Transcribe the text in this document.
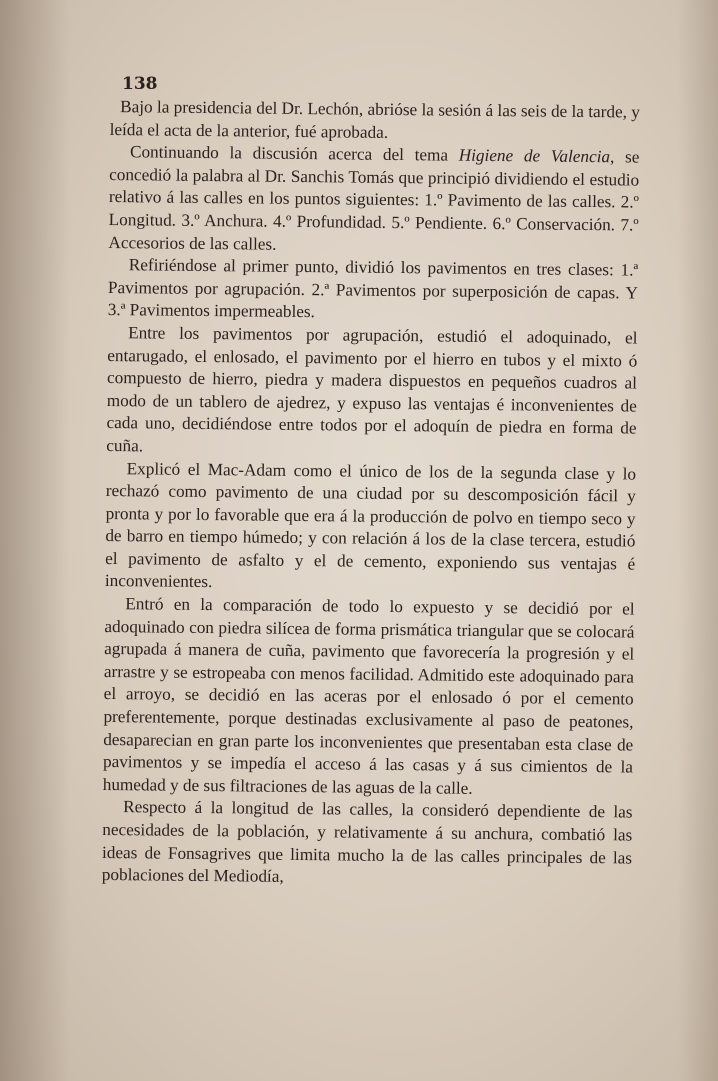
138

Bajo la presidencia del Dr. Lechón, abrióse la sesión á las seis de la tarde, y leída el acta de la anterior, fué aprobada.

Continuando la discusión acerca del tema Higiene de Valencia, se concedió la palabra al Dr. Sanchis Tomás que principió dividiendo el estudio relativo á las calles en los puntos siguientes: 1.º Pavimento de las calles. 2.º Longitud. 3.º Anchura. 4.º Profundidad. 5.º Pendiente. 6.º Conservación. 7.º Accesorios de las calles.

Refiriéndose al primer punto, dividió los pavimentos en tres clases: 1.ª Pavimentos por agrupación. 2.ª Pavimentos por superposición de capas. Y 3.ª Pavimentos impermeables.

Entre los pavimentos por agrupación, estudió el adoquinado, el entarugado, el enlosado, el pavimento por el hierro en tubos y el mixto ó compuesto de hierro, piedra y madera dispuestos en pequeños cuadros al modo de un tablero de ajedrez, y expuso las ventajas é inconvenientes de cada uno, decidiéndose entre todos por el adoquín de piedra en forma de cuña.

Explicó el Mac-Adam como el único de los de la segunda clase y lo rechazó como pavimento de una ciudad por su descomposición fácil y pronta y por lo favorable que era á la producción de polvo en tiempo seco y de barro en tiempo húmedo; y con relación á los de la clase tercera, estudió el pavimento de asfalto y el de cemento, exponiendo sus ventajas é inconvenientes.

Entró en la comparación de todo lo expuesto y se decidió por el adoquinado con piedra silícea de forma prismática triangular que se colocará agrupada á manera de cuña, pavimento que favorecería la progresión y el arrastre y se estropeaba con menos facilidad. Admitido este adoquinado para el arroyo, se decidió en las aceras por el enlosado ó por el cemento preferentemente, porque destinadas exclusivamente al paso de peatones, desaparecian en gran parte los inconvenientes que presentaban esta clase de pavimentos y se impedía el acceso á las casas y á sus cimientos de la humedad y de sus filtraciones de las aguas de la calle.

Respecto á la longitud de las calles, la consideró dependiente de las necesidades de la población, y relativamente á su anchura, combatió las ideas de Fonsagrives que limita mucho la de las calles principales de las poblaciones del Mediodía,
